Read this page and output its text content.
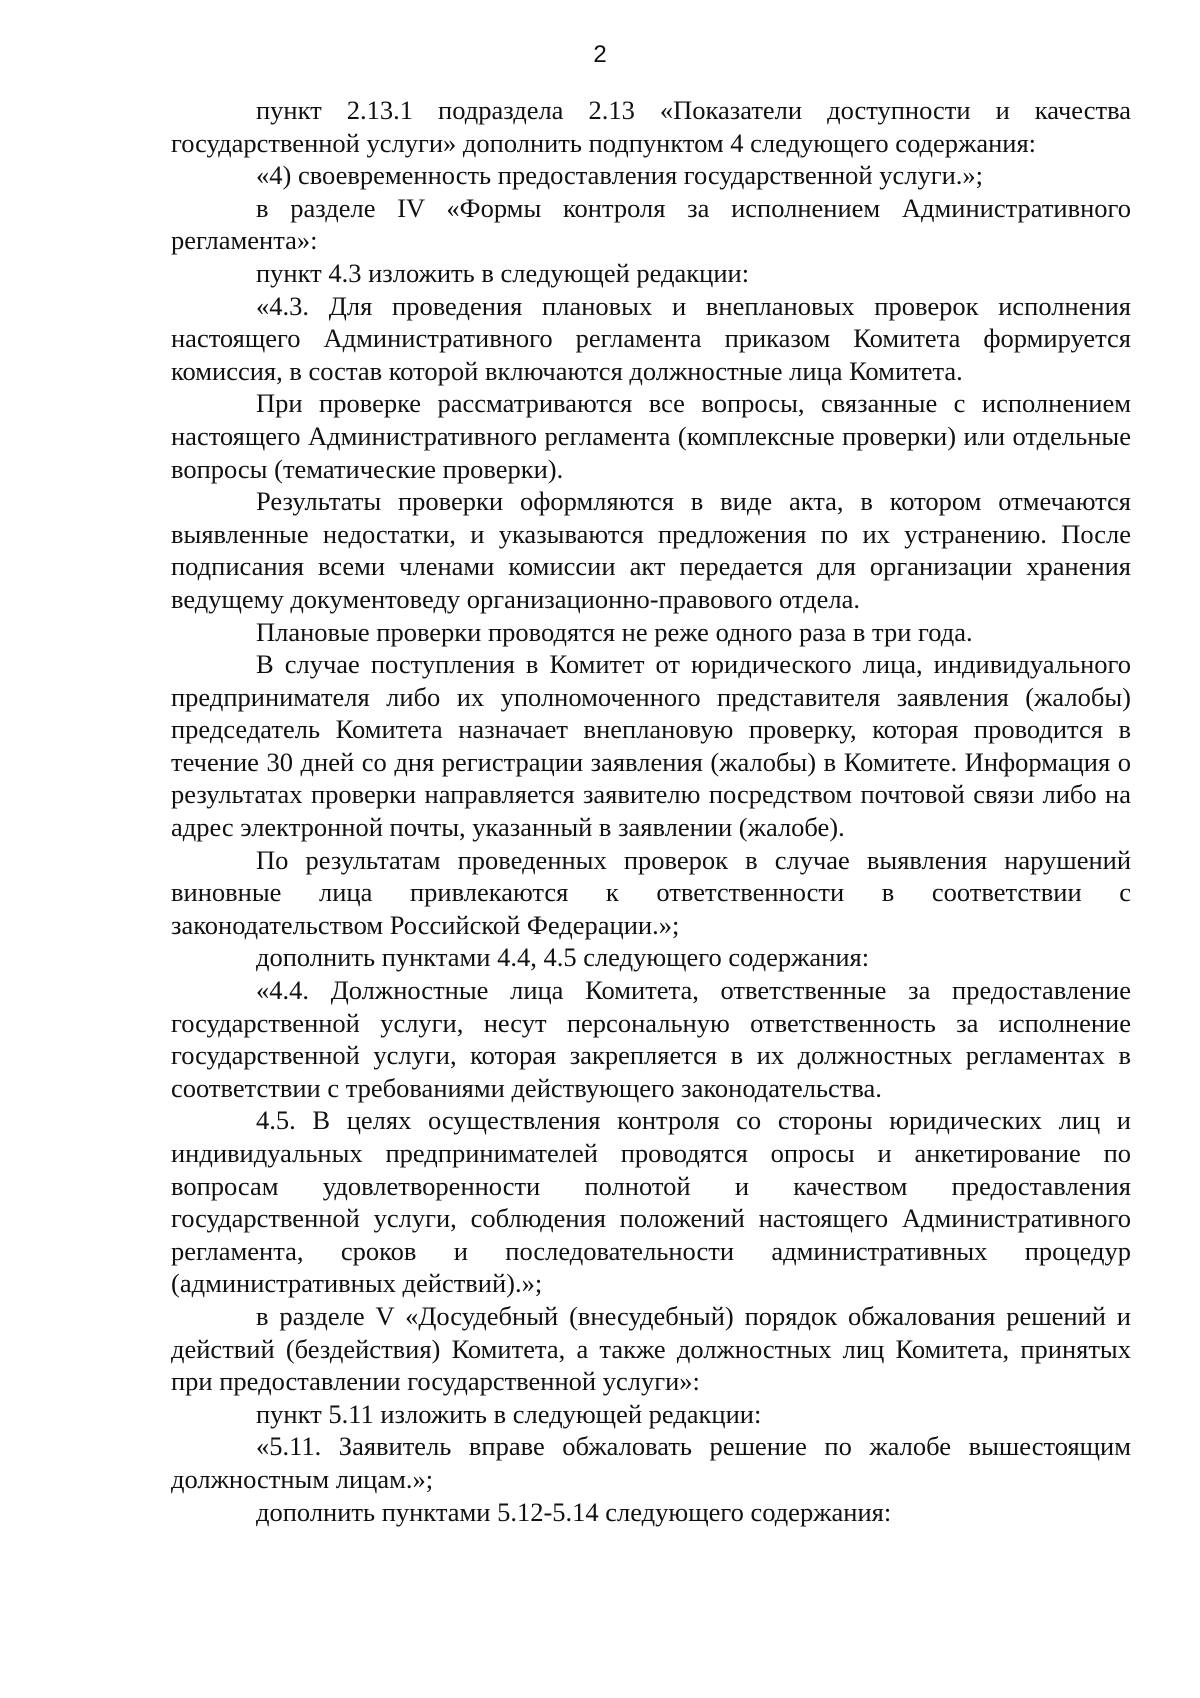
2

пункт 2.13.1 подраздела 2.13 «Показатели доступности и качества государственной услуги» дополнить подпунктом 4 следующего содержания:

«4) своевременность предоставления государственной услуги.»;

в разделе IV «Формы контроля за исполнением Административного регламента»:

пункт 4.3 изложить в следующей редакции:

«4.3. Для проведения плановых и внеплановых проверок исполнения настоящего Административного регламента приказом Комитета формируется комиссия, в состав которой включаются должностные лица Комитета.

При проверке рассматриваются все вопросы, связанные с исполнением настоящего Административного регламента (комплексные проверки) или отдельные вопросы (тематические проверки).

Результаты проверки оформляются в виде акта, в котором отмечаются выявленные недостатки, и указываются предложения по их устранению. После подписания всеми членами комиссии акт передается для организации хранения ведущему документоведу организационно-правового отдела.

Плановые проверки проводятся не реже одного раза в три года.

В случае поступления в Комитет от юридического лица, индивидуального предпринимателя либо их уполномоченного представителя заявления (жалобы) председатель Комитета назначает внеплановую проверку, которая проводится в течение 30 дней со дня регистрации заявления (жалобы) в Комитете. Информация о результатах проверки направляется заявителю посредством почтовой связи либо на адрес электронной почты, указанный в заявлении (жалобе).

По результатам проведенных проверок в случае выявления нарушений виновные лица привлекаются к ответственности в соответствии с законодательством Российской Федерации.»;

дополнить пунктами 4.4, 4.5 следующего содержания:

«4.4. Должностные лица Комитета, ответственные за предоставление государственной услуги, несут персональную ответственность за исполнение государственной услуги, которая закрепляется в их должностных регламентах в соответствии с требованиями действующего законодательства.

4.5. В целях осуществления контроля со стороны юридических лиц и индивидуальных предпринимателей проводятся опросы и анкетирование по вопросам удовлетворенности полнотой и качеством предоставления государственной услуги, соблюдения положений настоящего Административного регламента, сроков и последовательности административных процедур (административных действий).»;

в разделе V «Досудебный (внесудебный) порядок обжалования решений и действий (бездействия) Комитета, а также должностных лиц Комитета, принятых при предоставлении государственной услуги»:

пункт 5.11 изложить в следующей редакции:

«5.11. Заявитель вправе обжаловать решение по жалобе вышестоящим должностным лицам.»;

дополнить пунктами 5.12-5.14 следующего содержания:
